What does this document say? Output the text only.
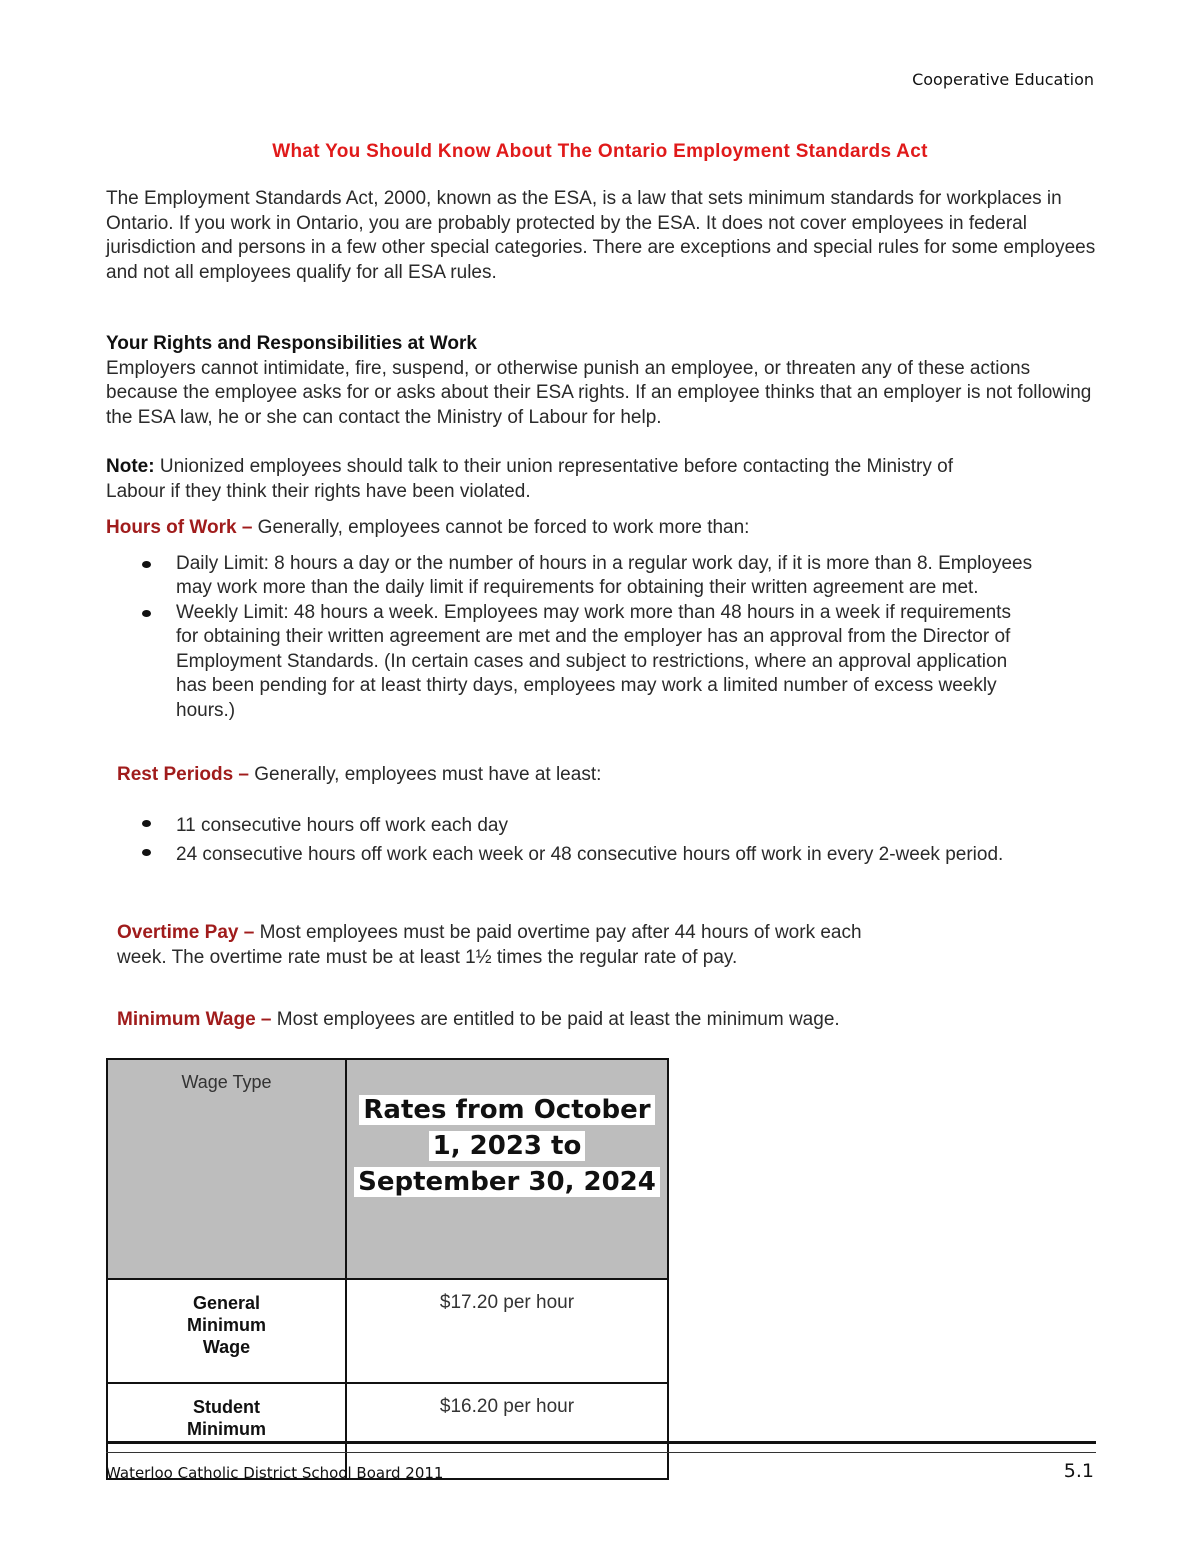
Cooperative Education
What You Should Know About The Ontario Employment Standards Act
The Employment Standards Act, 2000, known as the ESA, is a law that sets minimum standards for workplaces in Ontario. If you work in Ontario, you are probably protected by the ESA. It does not cover employees in federal jurisdiction and persons in a few other special categories. There are exceptions and special rules for some employees and not all employees qualify for all ESA rules.
Your Rights and Responsibilities at Work
Employers cannot intimidate, fire, suspend, or otherwise punish an employee, or threaten any of these actions because the employee asks for or asks about their ESA rights. If an employee thinks that an employer is not following the ESA law, he or she can contact the Ministry of Labour for help.
Note: Unionized employees should talk to their union representative before contacting the Ministry of Labour if they think their rights have been violated.
Hours of Work – Generally, employees cannot be forced to work more than:
Daily Limit: 8 hours a day or the number of hours in a regular work day, if it is more than 8. Employees may work more than the daily limit if requirements for obtaining their written agreement are met.
Weekly Limit: 48 hours a week. Employees may work more than 48 hours in a week if requirements for obtaining their written agreement are met and the employer has an approval from the Director of Employment Standards. (In certain cases and subject to restrictions, where an approval application has been pending for at least thirty days, employees may work a limited number of excess weekly hours.)
Rest Periods – Generally, employees must have at least:
11 consecutive hours off work each day
24 consecutive hours off work each week or 48 consecutive hours off work in every 2-week period.
Overtime Pay – Most employees must be paid overtime pay after 44 hours of work each week. The overtime rate must be at least 1½ times the regular rate of pay.
Minimum Wage – Most employees are entitled to be paid at least the minimum wage.
Wage Type	Rates from October 1, 2023 to September 30, 2024

General Minimum Wage	$17.20 per hour

Student Minimum	$16.20 per hour
Waterloo Catholic District School Board 2011	5.1
